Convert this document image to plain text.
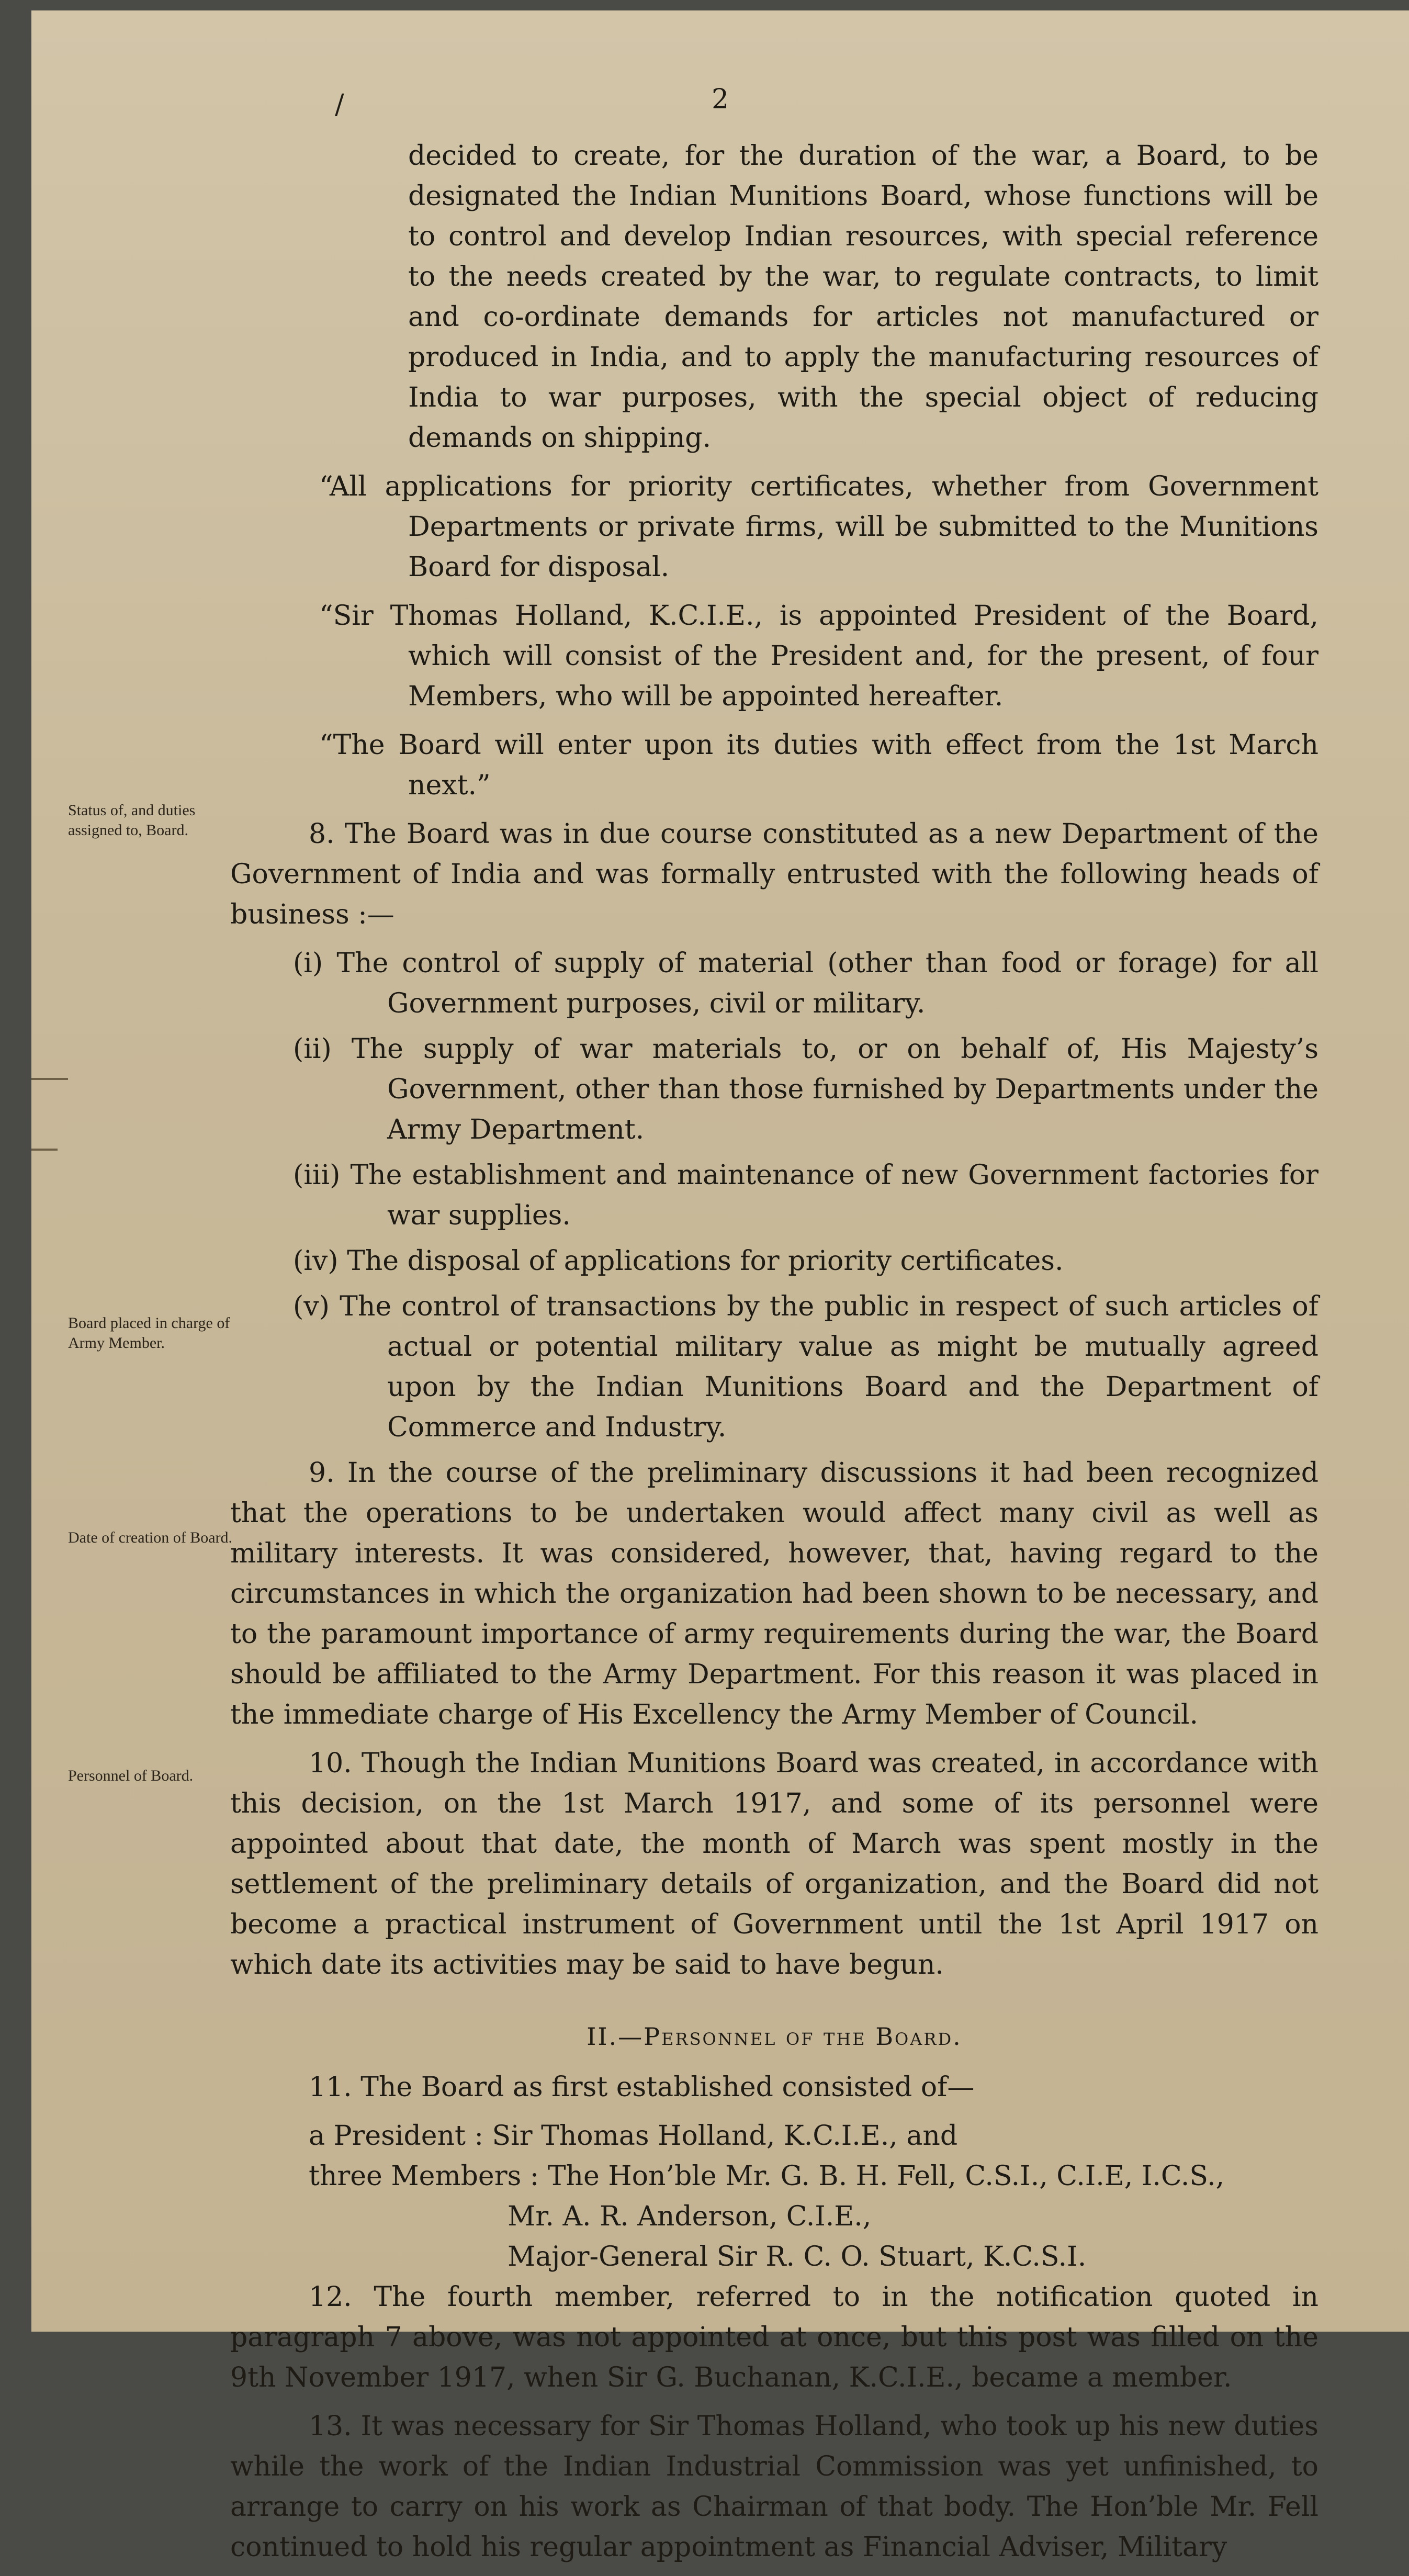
2
/
Status of, and duties assigned to, Board.
Board placed in charge of Army Member.
Date of creation of Board.
Personnel of Board.

decided to create, for the duration of the war, a Board, to be designated the Indian Munitions Board, whose functions will be to control and develop Indian resources, with special reference to the needs created by the war, to regulate contracts, to limit and co-ordinate demands for articles not manufactured or produced in India, and to apply the manufacturing resources of India to war purposes, with the special object of reducing demands on shipping.

“All applications for priority certificates, whether from Government Departments or private firms, will be submitted to the Munitions Board for disposal.

“Sir Thomas Holland, K.C.I.E., is appointed President of the Board, which will consist of the President and, for the present, of four Members, who will be appointed hereafter.

“The Board will enter upon its duties with effect from the 1st March next.”

8. The Board was in due course constituted as a new Department of the Government of India and was formally entrusted with the following heads of business :—

(i) The control of supply of material (other than food or forage) for all Government purposes, civil or military.
(ii) The supply of war materials to, or on behalf of, His Majesty’s Government, other than those furnished by Departments under the Army Department.
(iii) The establishment and maintenance of new Government factories for war supplies.
(iv) The disposal of applications for priority certificates.
(v) The control of transactions by the public in respect of such articles of actual or potential military value as might be mutually agreed upon by the Indian Munitions Board and the Department of Commerce and Industry.

9. In the course of the preliminary discussions it had been recognized that the operations to be undertaken would affect many civil as well as military interests. It was considered, however, that, having regard to the circumstances in which the organization had been shown to be necessary, and to the paramount importance of army requirements during the war, the Board should be affiliated to the Army Department. For this reason it was placed in the immediate charge of His Excellency the Army Member of Council.

10. Though the Indian Munitions Board was created, in accordance with this decision, on the 1st March 1917, and some of its personnel were appointed about that date, the month of March was spent mostly in the settlement of the preliminary details of organization, and the Board did not become a practical instrument of Government until the 1st April 1917 on which date its activities may be said to have begun.

II.—Personnel of the Board.

11. The Board as first established consisted of—

a President : Sir Thomas Holland, K.C.I.E., and
three Members : The Hon’ble Mr. G. B. H. Fell, C.S.I., C.I.E, I.C.S.,
Mr. A. R. Anderson, C.I.E.,
Major-General Sir R. C. O. Stuart, K.C.S.I.

12. The fourth member, referred to in the notification quoted in paragraph 7 above, was not appointed at once, but this post was filled on the 9th November 1917, when Sir G. Buchanan, K.C.I.E., became a member.

13. It was necessary for Sir Thomas Holland, who took up his new duties while the work of the Indian Industrial Commission was yet unfinished, to arrange to carry on his work as Chairman of that body. The Hon’ble Mr. Fell continued to hold his regular appointment as Financial Adviser, Military
